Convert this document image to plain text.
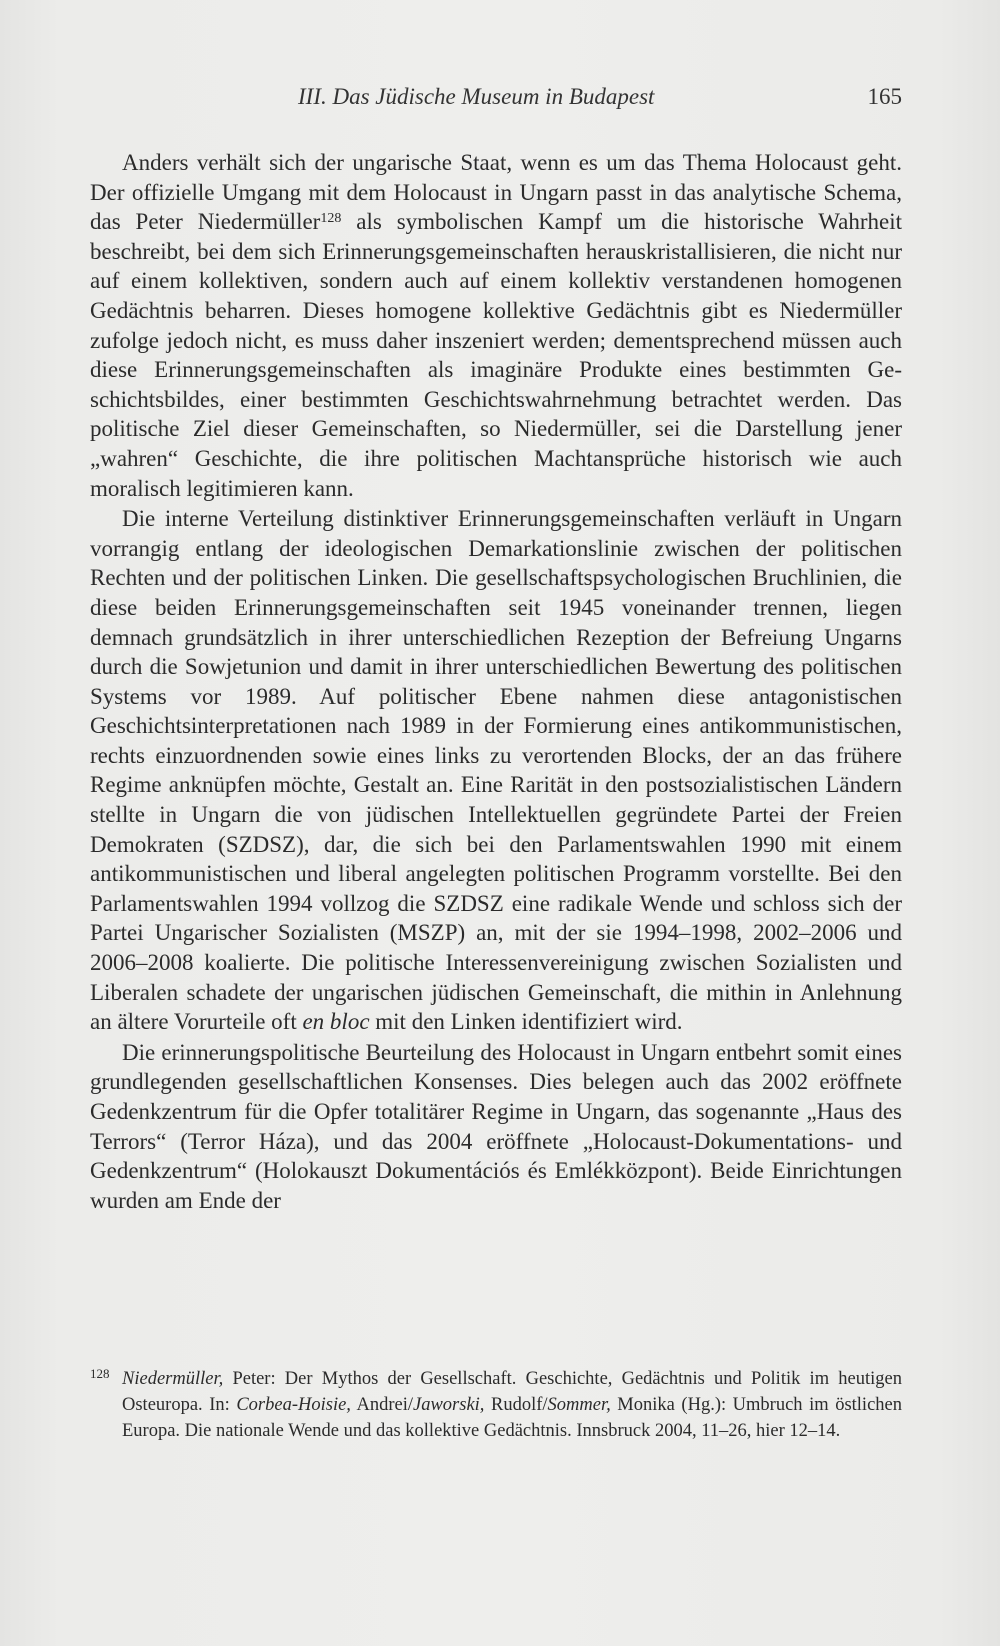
III. Das Jüdische Museum in Budapest	165

Anders verhält sich der ungarische Staat, wenn es um das Thema Holocaust geht. Der offizielle Umgang mit dem Holocaust in Ungarn passt in das analytische Schema, das Peter Niedermüller$^{128}$ als symbolischen Kampf um die historische Wahrheit beschreibt, bei dem sich Erinnerungsgemeinschaften herauskristallisieren, die nicht nur auf einem kollektiven, sondern auch auf einem kollektiv verstandenen homogenen Gedächtnis beharren. Dieses homogene kollektive Gedächtnis gibt es Niedermüller zufolge jedoch nicht, es muss daher inszeniert werden; dementsprechend müssen auch diese Erinnerungsgemeinschaften als imaginäre Produkte eines bestimmten Geschichtsbildes, einer bestimmten Geschichtswahrnehmung betrachtet werden. Das politische Ziel dieser Gemeinschaften, so Niedermüller, sei die Darstellung jener „wahren“ Geschichte, die ihre politischen Machtansprüche historisch wie auch moralisch legitimieren kann.

Die interne Verteilung distinktiver Erinnerungsgemeinschaften verläuft in Ungarn vorrangig entlang der ideologischen Demarkationslinie zwischen der politischen Rechten und der politischen Linken. Die gesellschaftspsychologischen Bruchlinien, die diese beiden Erinnerungsgemeinschaften seit 1945 voneinander trennen, liegen demnach grundsätzlich in ihrer unterschiedlichen Rezeption der Befreiung Ungarns durch die Sowjetunion und damit in ihrer unterschiedlichen Bewertung des politischen Systems vor 1989. Auf politischer Ebene nahmen diese antagonistischen Geschichtsinterpretationen nach 1989 in der Formierung eines antikommunistischen, rechts einzuordnenden sowie eines links zu verortenden Blocks, der an das frühere Regime anknüpfen möchte, Gestalt an. Eine Rarität in den postsozialistischen Ländern stellte in Ungarn die von jüdischen Intellektuellen gegründete Partei der Freien Demokraten (SZDSZ), dar, die sich bei den Parlamentswahlen 1990 mit einem antikommunistischen und liberal angelegten politischen Programm vorstellte. Bei den Parlamentswahlen 1994 vollzog die SZDSZ eine radikale Wende und schloss sich der Partei Ungarischer Sozialisten (MSZP) an, mit der sie 1994–1998, 2002–2006 und 2006–2008 koalierte. Die politische Interessenvereinigung zwischen Sozialisten und Liberalen schadete der ungarischen jüdischen Gemeinschaft, die mithin in Anlehnung an ältere Vorurteile oft en bloc mit den Linken identifiziert wird.

Die erinnerungspolitische Beurteilung des Holocaust in Ungarn entbehrt somit eines grundlegenden gesellschaftlichen Konsenses. Dies belegen auch das 2002 eröffnete Gedenkzentrum für die Opfer totalitärer Regime in Ungarn, das sogenannte „Haus des Terrors“ (Terror Háza), und das 2004 eröffnete „Holocaust-Dokumentations- und Gedenkzentrum“ (Holokauszt Dokumentációs és Emlékközpont). Beide Einrichtungen wurden am Ende der

128 Niedermüller, Peter: Der Mythos der Gesellschaft. Geschichte, Gedächtnis und Politik im heutigen Osteuropa. In: Corbea-Hoisie, Andrei/Jaworski, Rudolf/Sommer, Monika (Hg.): Umbruch im östlichen Europa. Die nationale Wende und das kollektive Gedächtnis. Innsbruck 2004, 11–26, hier 12–14.
